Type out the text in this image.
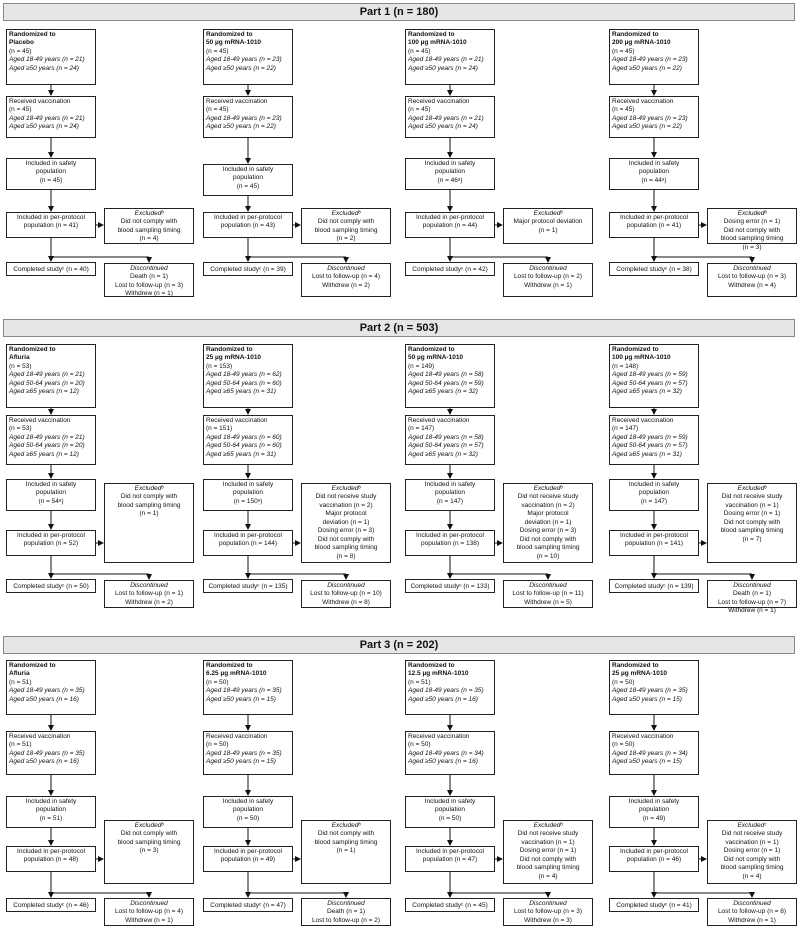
Part 1 (n = 180)
Randomized to
Placebo
(n = 45)
Aged 18-49 years (n = 21)
Aged ≥50 years (n = 24)
Received vaccination
(n = 45)
Aged 18-49 years (n = 21)
Aged ≥50 years (n = 24)
Included in safety
population
(n = 45)
Included in per-protocol
population (n = 41)
Excludedᵇ
Did not comply with
blood sampling timing
(n = 4)
Completed studyᶜ (n = 40)	Discontinued
Death (n = 1)
Lost to follow-up (n = 3)
Withdrew (n = 1)
Randomized to
50 µg mRNA-1010
(n = 45)
Aged 18-49 years (n = 23)
Aged ≥50 years (n = 22)
Received vaccination
(n = 45)
Aged 18-49 years (n = 23)
Aged ≥50 years (n = 22)
Included in safety
population
(n = 45)
Included in per-protocol
population (n = 43)
Excludedᵇ
Did not comply with
blood sampling timing
(n = 2)
Completed studyᶜ (n = 39)	Discontinued
Lost to follow-up (n = 4)
Withdrew (n = 2)
Randomized to
100 µg mRNA-1010
(n = 45)
Aged 18-49 years (n = 21)
Aged ≥50 years (n = 24)
Received vaccination
(n = 45)
Aged 18-49 years (n = 21)
Aged ≥50 years (n = 24)
Included in safety
population
(n = 46ᵃ)
Included in per-protocol
population (n = 44)
Excludedᵇ
Major protocol deviation
(n = 1)
Completed studyᶜ (n = 42)	Discontinued
Lost to follow-up (n = 2)
Withdrew (n = 1)
Randomized to
200 µg mRNA-1010
(n = 45)
Aged 18-49 years (n = 23)
Aged ≥50 years (n = 22)
Received vaccination
(n = 45)
Aged 18-49 years (n = 23)
Aged ≥50 years (n = 22)
Included in safety
population
(n = 44ᵃ)
Included in per-protocol
population (n = 41)
Excludedᵇ
Dosing error (n = 1)
Did not comply with
blood sampling timing
(n = 3)
Completed studyᶜ (n = 38)	Discontinued
Lost to follow-up (n = 3)
Withdrew (n = 4)
Part 2 (n = 503)
Randomized to
Afluria
(n = 53)
Aged 18-49 years (n = 21)
Aged 50-64 years (n = 20)
Aged ≥65 years (n = 12)
Received vaccination
(n = 53)
Aged 18-49 years (n = 21)
Aged 50-64 years (n = 20)
Aged ≥65 years (n = 12)
Included in safety
population
(n = 54ᵃ)
Included in per-protocol
population (n = 52)
Excludedᵇ
Did not comply with
blood sampling timing
(n = 1)
Completed studyᶜ (n = 50)	Discontinued
Lost to follow-up (n = 1)
Withdrew (n = 2)
Randomized to
25 µg mRNA-1010
(n = 153)
Aged 18-49 years (n = 62)
Aged 50-64 years (n = 60)
Aged ≥65 years (n = 31)
Received vaccination
(n = 151)
Aged 18-49 years (n = 60)
Aged 50-64 years (n = 60)
Aged ≥65 years (n = 31)
Included in safety
population
(n = 150ᵃ)
Included in per-protocol
population (n = 144)
Excludedᵇ
Did not receive study
vaccination (n = 2)
Major protocol
deviation (n = 1)
Dosing error (n = 3)
Did not comply with
blood sampling timing
(n = 8)
Completed studyᶜ (n = 135)	Discontinued
Lost to follow-up (n = 10)
Withdrew (n = 8)
Randomized to
50 µg mRNA-1010
(n = 149)
Aged 18-49 years (n = 58)
Aged 50-64 years (n = 59)
Aged ≥65 years (n = 32)
Received vaccination
(n = 147)
Aged 18-49 years (n = 58)
Aged 50-64 years (n = 57)
Aged ≥65 years (n = 32)
Included in safety
population
(n = 147)
Included in per-protocol
population (n = 138)
Excludedᵇ
Did not receive study
vaccination (n = 2)
Major protocol
deviation (n = 1)
Dosing error (n = 3)
Did not comply with
blood sampling timing
(n = 10)
Completed studyᶜ (n = 133)	Discontinued
Lost to follow-up (n = 11)
Withdrew (n = 5)
Randomized to
100 µg mRNA-1010
(n = 148)
Aged 18-49 years (n = 59)
Aged 50-64 years (n = 57)
Aged ≥65 years (n = 32)
Received vaccination
(n = 147)
Aged 18-49 years (n = 59)
Aged 50-64 years (n = 57)
Aged ≥65 years (n = 31)
Included in safety
population
(n = 147)
Included in per-protocol
population (n = 141)
Excludedᵇ
Did not receive study
vaccination (n = 1)
Dosing error (n = 1)
Did not comply with
blood sampling timing
(n = 7)
Completed studyᶜ (n = 139)	Discontinued
Death (n = 1)
Lost to follow-up (n = 7)
Withdrew (n = 1)
Part 3 (n = 202)
Randomized to
Afluria
(n = 51)
Aged 18-49 years (n = 35)
Aged ≥50 years (n = 16)
Received vaccination
(n = 51)
Aged 18-49 years (n = 35)
Aged ≥50 years (n = 16)
Included in safety
population
(n = 51)
Included in per-protocol
population (n = 48)
Excludedᵇ
Did not comply with
blood sampling timing
(n = 3)
Completed studyᶜ (n = 46)	Discontinued
Lost to follow-up (n = 4)
Withdrew (n = 1)
Randomized to
6.25 µg mRNA-1010
(n = 50)
Aged 18-49 years (n = 35)
Aged ≥50 years (n = 15)
Received vaccination
(n = 50)
Aged 18-49 years (n = 35)
Aged ≥50 years (n = 15)
Included in safety
population
(n = 50)
Included in per-protocol
population (n = 49)
Excludedᵇ
Did not comply with
blood sampling timing
(n = 1)
Completed studyᶜ (n = 47)	Discontinued
Death (n = 1)
Lost to follow-up (n = 2)
Randomized to
12.5 µg mRNA-1010
(n = 51)
Aged 18-49 years (n = 35)
Aged ≥50 years (n = 16)
Received vaccination
(n = 50)
Aged 18-49 years (n = 34)
Aged ≥50 years (n = 16)
Included in safety
population
(n = 50)
Included in per-protocol
population (n = 47)
Excludedᵇ
Did not receive study
vaccination (n = 1)
Dosing error (n = 1)
Did not comply with
blood sampling timing
(n = 4)
Completed studyᶜ (n = 45)	Discontinued
Lost to follow-up (n = 3)
Withdrew (n = 3)
Randomized to
25 µg mRNA-1010
(n = 50)
Aged 18-49 years (n = 35)
Aged ≥50 years (n = 15)
Received vaccination
(n = 50)
Aged 18-49 years (n = 34)
Aged ≥50 years (n = 15)
Included in safety
population
(n = 49)
Included in per-protocol
population (n = 46)
Excludedᶜ
Did not receive study
vaccination (n = 1)
Dosing error (n = 1)
Did not comply with
blood sampling timing
(n = 4)
Completed studyᶜ (n = 41)	Discontinued
Lost to follow-up (n = 8)
Withdrew (n = 1)
